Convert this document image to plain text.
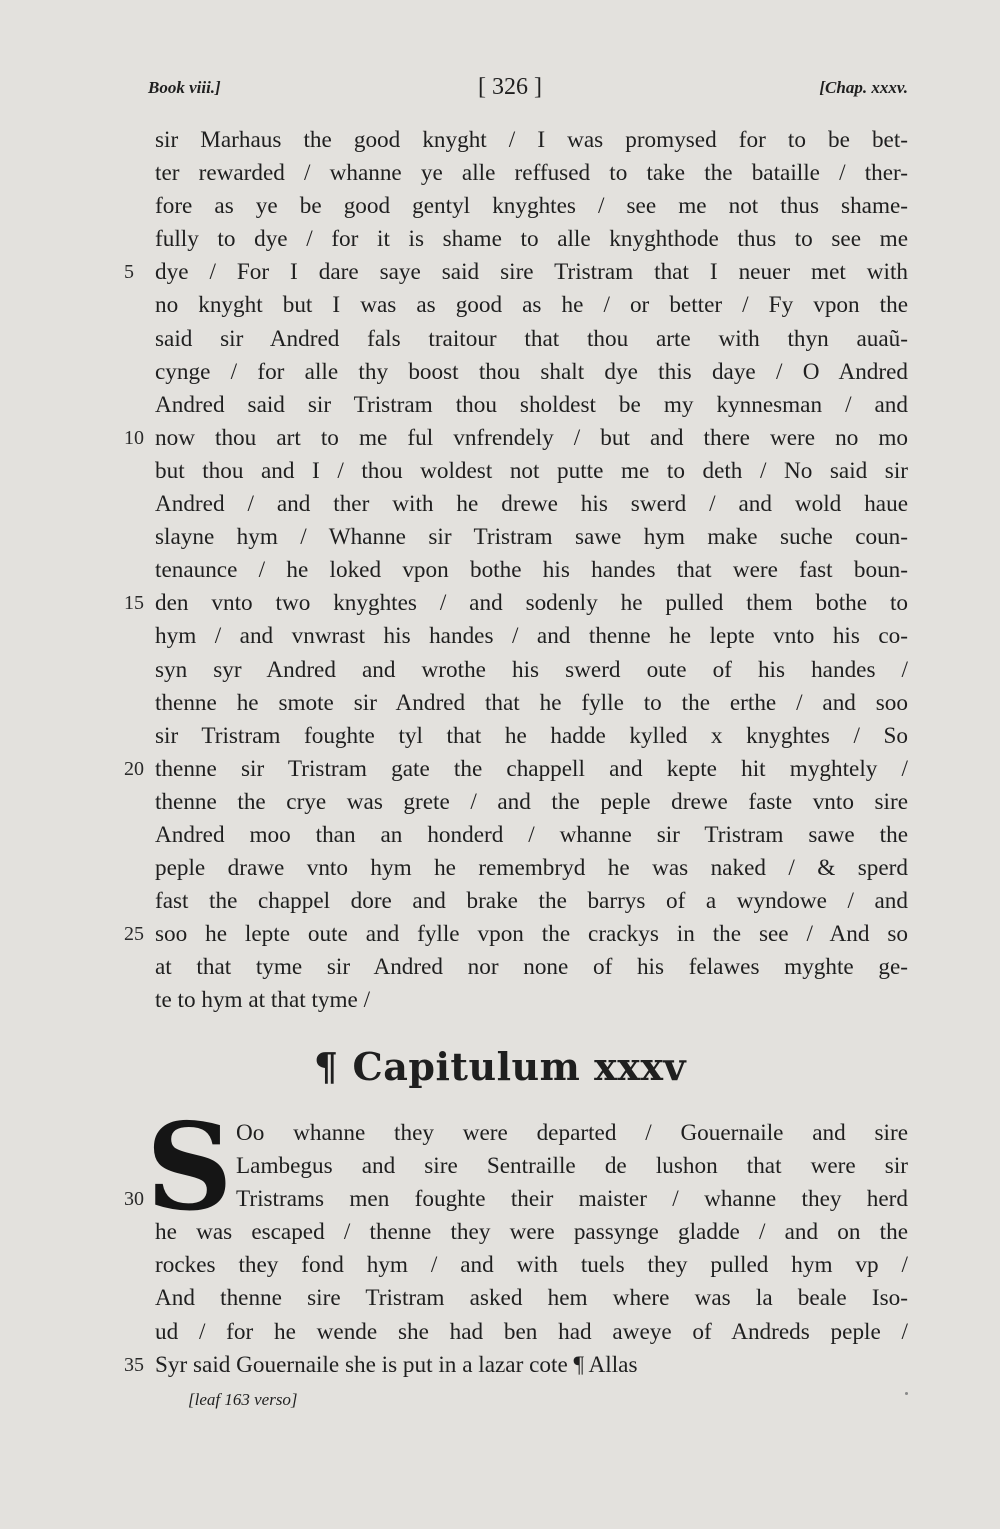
Book viii.]	[ 326 ]	[Chap. xxxv.
sir Marhaus the good knyght / I was promysed for to be bet-
ter rewarded / whanne ye alle reffused to take the bataille / ther-
fore as ye be good gentyl knyghtes / see me not thus shame-
fully to dye / for it is shame to alle knyghthode thus to see me
5 dye / For I dare saye said sire Tristram that I neuer met with
no knyght but I was as good as he / or better / Fy vpon the
said sir Andred fals traitour that thou arte with thyn auaũ-
cynge / for alle thy boost thou shalt dye this daye / O Andred
Andred said sir Tristram thou sholdest be my kynnesman / and
10 now thou art to me ful vnfrendely / but and there were no mo
but thou and I / thou woldest not putte me to deth / No said sir
Andred / and ther with he drewe his swerd / and wold haue
slayne hym / Whanne sir Tristram sawe hym make suche coun-
tenaunce / he loked vpon bothe his handes that were fast boun-
15 den vnto two knyghtes / and sodenly he pulled them bothe to
hym / and vnwrast his handes / and thenne he lepte vnto his co-
syn syr Andred and wrothe his swerd oute of his handes /
thenne he smote sir Andred that he fylle to the erthe / and soo
sir Tristram foughte tyl that he hadde kylled x knyghtes / So
20 thenne sir Tristram gate the chappell and kepte hit myghtely /
thenne the crye was grete / and the peple drewe faste vnto sire
Andred moo than an honderd / whanne sir Tristram sawe the
peple drawe vnto hym he remembryd he was naked / & sperd
fast the chappel dore and brake the barrys of a wyndowe / and
25 soo he lepte oute and fylle vpon the crackys in the see / And so
at that tyme sir Andred nor none of his felawes myghte ge-
te to hym at that tyme /
¶ Capitulum xxxv
S Oo whanne they were departed / Gouernaile and sire
Lambegus and sire Sentraille de lushon that were sir
30	Tristrams men foughte their maister / whanne they herd
he was escaped / thenne they were passynge gladde / and on the
rockes they fond hym / and with tuels they pulled hym vp /
And thenne sire Tristram asked hem where was la beale Iso-
ud / for he wende she had ben had aweye of Andreds peple /
35 Syr said Gouernaile she is put in a lazar cote ¶ Allas
[leaf 163 verso]
